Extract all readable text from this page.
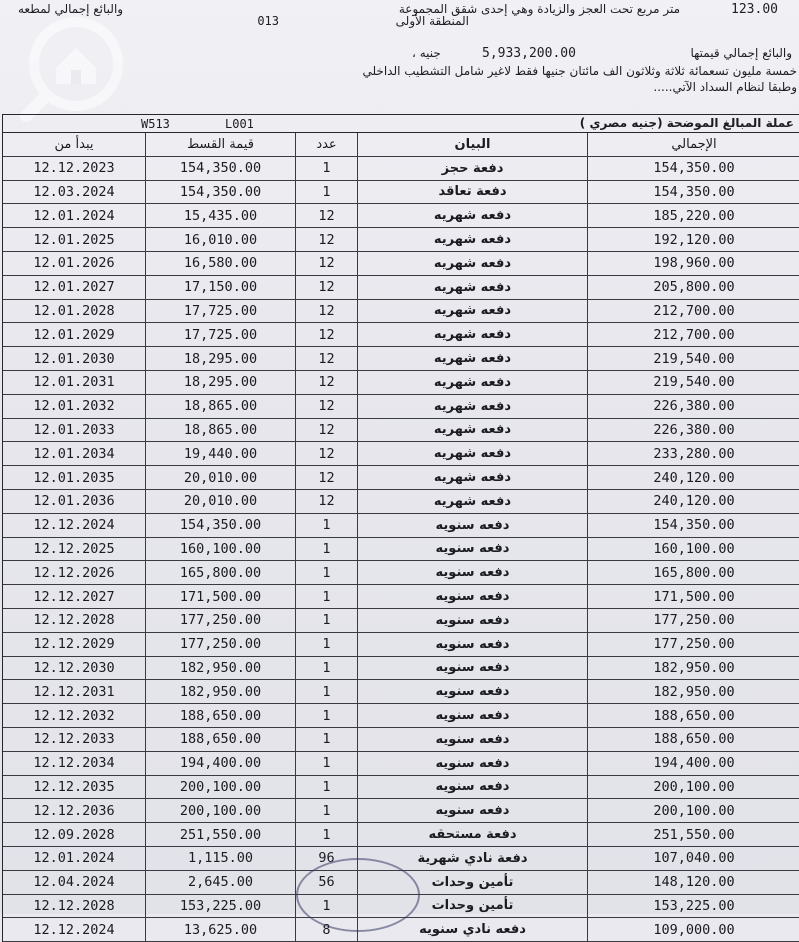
123.00
متر مربع تحت العجز والزيادة وهي إحدى شقق المجموعة
والبائع إجمالي لمطعه
المنطقة الأولى
013
والبائع إجمالي قيمتها
5,933,200.00
جنيه ،
خمسة مليون تسعمائة ثلاثة وثلاثون الف مائتان جنيها فقط لاغير شامل التشطيب الداخلي
وطبقا لنظام السداد الآتي.....
W513	L001	عملة المبالغ الموضحة (جنيه مصري )
يبدأ من	قيمة القسط	عدد	البيان	الإجمالي
12.12.2023	154,350.00	1	دفعة حجز	154,350.00
12.03.2024	154,350.00	1	دفعة تعاقد	154,350.00
12.01.2024	15,435.00	12	دفعه شهريه	185,220.00
12.01.2025	16,010.00	12	دفعه شهريه	192,120.00
12.01.2026	16,580.00	12	دفعه شهريه	198,960.00
12.01.2027	17,150.00	12	دفعه شهريه	205,800.00
12.01.2028	17,725.00	12	دفعه شهريه	212,700.00
12.01.2029	17,725.00	12	دفعه شهريه	212,700.00
12.01.2030	18,295.00	12	دفعه شهريه	219,540.00
12.01.2031	18,295.00	12	دفعه شهريه	219,540.00
12.01.2032	18,865.00	12	دفعه شهريه	226,380.00
12.01.2033	18,865.00	12	دفعه شهريه	226,380.00
12.01.2034	19,440.00	12	دفعه شهريه	233,280.00
12.01.2035	20,010.00	12	دفعه شهريه	240,120.00
12.01.2036	20,010.00	12	دفعه شهريه	240,120.00
12.12.2024	154,350.00	1	دفعه سنويه	154,350.00
12.12.2025	160,100.00	1	دفعه سنويه	160,100.00
12.12.2026	165,800.00	1	دفعه سنويه	165,800.00
12.12.2027	171,500.00	1	دفعه سنويه	171,500.00
12.12.2028	177,250.00	1	دفعه سنويه	177,250.00
12.12.2029	177,250.00	1	دفعه سنويه	177,250.00
12.12.2030	182,950.00	1	دفعه سنويه	182,950.00
12.12.2031	182,950.00	1	دفعه سنويه	182,950.00
12.12.2032	188,650.00	1	دفعه سنويه	188,650.00
12.12.2033	188,650.00	1	دفعه سنويه	188,650.00
12.12.2034	194,400.00	1	دفعه سنويه	194,400.00
12.12.2035	200,100.00	1	دفعه سنويه	200,100.00
12.12.2036	200,100.00	1	دفعه سنويه	200,100.00
12.09.2028	251,550.00	1	دفعة مستحقه	251,550.00
12.01.2024	1,115.00	96	دفعة نادي شهرية	107,040.00
12.04.2024	2,645.00	56	تأمين وحدات	148,120.00
12.12.2028	153,225.00	1	تأمين وحدات	153,225.00
12.12.2024	13,625.00	8	دفعه نادي سنويه	109,000.00
